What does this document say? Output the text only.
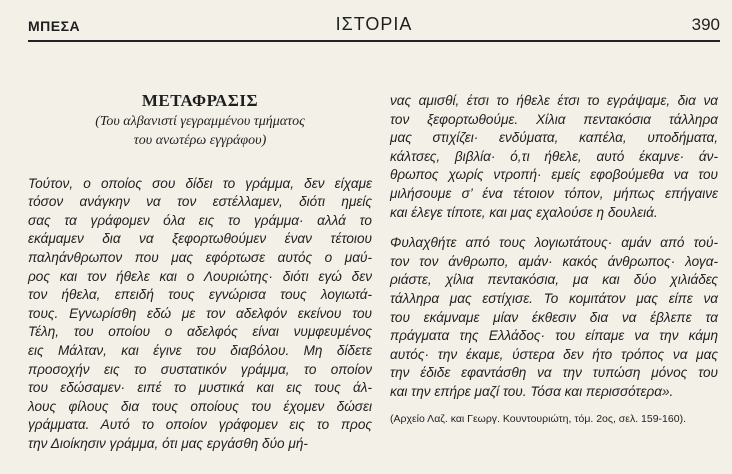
ΜΠΕΣΑ	ΙΣΤΟΡΙΑ	390
ΜΕΤΑΦΡΑΣΙΣ

(Του αλβανιστί γεγραμμένου τμήματος

του ανωτέρω εγγράφου)

Τούτον, ο οποίος σου δίδει το γράμμα, δεν είχαμε
τόσον ανάγκην να τον εστέλλαμεν, διότι ημείς
σας τα γράφομεν όλα εις το γράμμα· αλλά το
εκάμαμεν δια να ξεφορτωθούμεν έναν τέτοιου
παληάνθρωπον που μας εφόρτωσε αυτός ο μαύ-
ρος και τον ήθελε και ο Λουριώτης· διότι εγώ δεν
τον ήθελα, επειδή τους εγνώρισα τους λογιωτά-
τους. Εγνωρίσθη εδώ με τον αδελφόν εκείνου του
Τέλη, του οποίου ο αδελφός είναι νυμφευμένος
εις Μάλταν, και έγινε του διαβόλου. Μη δίδετε
προσοχήν εις το συστατικόν γράμμα, το οποίον
του εδώσαμεν· ειπέ το μυστικά και εις τους άλ-
λους φίλους δια τους οποίους του έχομεν δώσει
γράμματα. Αυτό το οποίον γράφομεν εις το προς
την Διοίκησιν γράμμα, ότι μας εργάσθη δύο μή-
νας αμισθί, έτσι το ήθελε έτσι το εγράψαμε, δια να
τον ξεφορτωθούμε. Χίλια πεντακόσια τάλληρα
μας στιχίζει· ενδύματα, καπέλα, υποδήματα,
κάλτσες, βιβλία· ό,τι ήθελε, αυτό έκαμνε· άν-
θρωπος χωρίς ντροπή· εμείς εφοβούμεθα να του
μιλήσουμε σ’ ένα τέτοιον τόπον, μήπως επήγαινε
και έλεγε τίποτε, και μας εχαλούσε η δουλειά.
Φυλαχθήτε από τους λογιωτάτους· αμάν από τού-
τον τον άνθρωπο, αμάν· κακός άνθρωπος· λογα-
ριάστε, χίλια πεντακόσια, μα και δύο χιλιάδες
τάλληρα μας εστίχισε. Το κομιτάτον μας είπε να
του εκάμναμε μίαν έκθεσιν δια να έβλεπε τα
πράγματα της Ελλάδος· του είπαμε να την κάμη
αυτός· την έκαμε, ύστερα δεν ήτο τρόπος να μας
την έδιδε εφαντάσθη να την τυπώση μόνος του
και την επήρε μαζί του. Τόσα και περισσότερα».
(Αρχείο Λαζ. και Γεωργ. Κουντουριώτη, τόμ. 2ος, σελ. 159-160).
